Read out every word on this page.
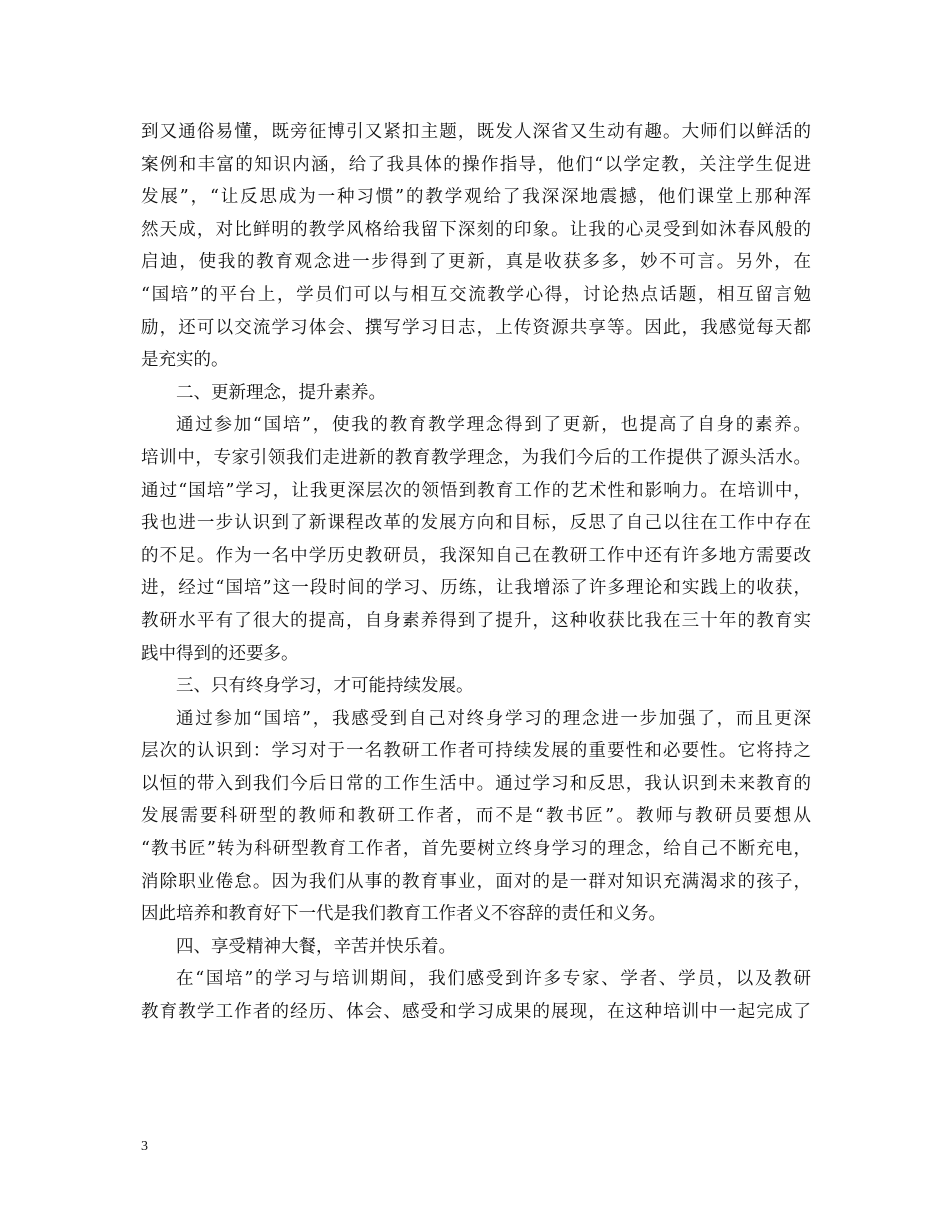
到又通俗易懂，既旁征博引又紧扣主题，既发人深省又生动有趣。大师们以鲜活的
案例和丰富的知识内涵，给了我具体的操作指导，他们“以学定教，关注学生促进
发展”，“让反思成为一种习惯”的教学观给了我深深地震撼，他们课堂上那种浑
然天成，对比鲜明的教学风格给我留下深刻的印象。让我的心灵受到如沐春风般的
启迪，使我的教育观念进一步得到了更新，真是收获多多，妙不可言。另外，在
“国培”的平台上，学员们可以与相互交流教学心得，讨论热点话题，相互留言勉
励，还可以交流学习体会、撰写学习日志，上传资源共享等。因此，我感觉每天都
是充实的。
二、更新理念，提升素养。
通过参加“国培”，使我的教育教学理念得到了更新，也提高了自身的素养。
培训中，专家引领我们走进新的教育教学理念，为我们今后的工作提供了源头活水。
通过“国培”学习，让我更深层次的领悟到教育工作的艺术性和影响力。在培训中，
我也进一步认识到了新课程改革的发展方向和目标，反思了自己以往在工作中存在
的不足。作为一名中学历史教研员，我深知自己在教研工作中还有许多地方需要改
进，经过“国培”这一段时间的学习、历练，让我增添了许多理论和实践上的收获，
教研水平有了很大的提高，自身素养得到了提升，这种收获比我在三十年的教育实
践中得到的还要多。
三、只有终身学习，才可能持续发展。
通过参加“国培”，我感受到自己对终身学习的理念进一步加强了，而且更深
层次的认识到：学习对于一名教研工作者可持续发展的重要性和必要性。它将持之
以恒的带入到我们今后日常的工作生活中。通过学习和反思，我认识到未来教育的
发展需要科研型的教师和教研工作者，而不是“教书匠”。教师与教研员要想从
“教书匠”转为科研型教育工作者，首先要树立终身学习的理念，给自己不断充电，
消除职业倦怠。因为我们从事的教育事业，面对的是一群对知识充满渴求的孩子，
因此培养和教育好下一代是我们教育工作者义不容辞的责任和义务。
四、享受精神大餐，辛苦并快乐着。
在“国培”的学习与培训期间，我们感受到许多专家、学者、学员，以及教研
教育教学工作者的经历、体会、感受和学习成果的展现，在这种培训中一起完成了
3
